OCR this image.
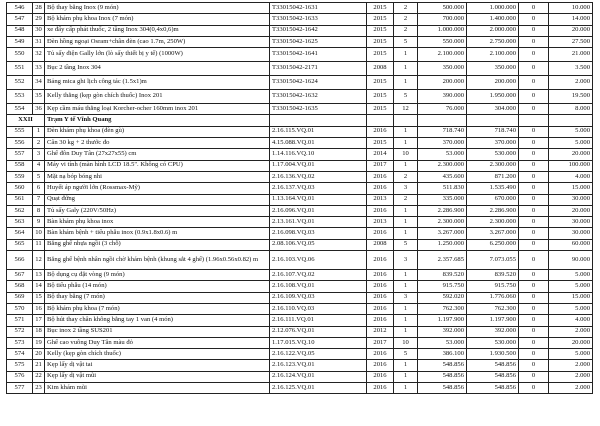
546	28	Bộ thay băng Inox (9 món)	T33015042-1631	2015	2	500.000	1.000.000	0	10.000
547	29	Bộ khám phụ khoa Inox (7 món)	T33015042-1633	2015	2	700.000	1.400.000	0	14.000
548	30	xe đẩy cấp phát thuốc, 2 tầng Inox 304(0,4x0,6)m	T33015042-1642	2015	2	1.000.000	2.000.000	0	20.000
549	31	Đèn hồng ngoại Osram+chân đèn (cao 1.7m, 250W)	T33015042-1625	2015	5	550.000	2.750.000	0	27.500
550	32	Tủ sấy điện Gally lớn (lò sấy thiết bị y tế) (1000W)	T33015042-1641	2015	1	2.100.000	2.100.000	0	21.000
551	33	Bục 2 tầng Inox 304	T33015042-2171	2008	1	350.000	350.000	0	3.500
552	34	Bảng mica ghi lịch công tác (1.5x1)m	T33015042-1624	2015	1	200.000	200.000	0	2.000
553	35	Kelly thẳng (kẹp gòn chích thuốc) Inox 201	T33015042-1632	2015	5	390.000	1.950.000	0	19.500
554	36	Kẹp cầm máu thẳng loại Korcher-ocher 160mm inox 201	T33015042-1635	2015	12	76.000	304.000	0	8.000
XXII		Trạm Y tế Vĩnh Quang							
555	1	Đèn khám phụ khoa (đèn gù)	2.16.115.VQ.01	2016	1	718.740	718.740	0	5.000
556	2	Cân 30 kg + 2 thước đo	4.15.088.VQ.01	2015	1	370.000	370.000	0	5.000
557	3	Ghế đôn Duy Tân (27x27x55) cm	1.14.116.VQ.10	2014	10	53.000	530.000	0	20.000
558	4	Máy vi tính (màn hình LCD 18.5". Không có CPU)	1.17.004.VQ.01	2017	1	2.300.000	2.300.000	0	100.000
559	5	Mặt nạ bóp bóng nhi	2.16.136.VQ.02	2016	2	435.600	871.200	0	4.000
560	6	Huyết áp người lớn (Rossmax-Mỹ)	2.16.137.VQ.03	2016	3	511.830	1.535.490	0	15.000
561	7	Quạt đứng	1.13.164.VQ.01	2013	2	335.000	670.000	0	30.000
562	8	Tủ sấy Galy (220V/50Hz)	2.16.096.VQ.01	2016	1	2.286.900	2.286.900	0	20.000
563	9	Bàn khám phụ khoa inox	2.13.161.VQ.01	2013	1	2.300.000	2.300.000	0	30.000
564	10	Bàn khám bệnh + tiểu phẫu inox (0.9x1.8x0.6) m	2.16.098.VQ.03	2016	1	3.267.000	3.267.000	0	30.000
565	11	Băng ghế nhựa ngồi (3 chỗ)	2.08.106.VQ.05	2008	5	1.250.000	6.250.000	0	60.000
566	12	Băng ghế bệnh nhân ngồi chờ khám bệnh (khung sắt 4 ghế) (1.96x0.56x0.82) m	2.16.103.VQ.06	2016	3	2.357.685	7.073.055	0	90.000
567	13	Bộ dụng cụ đặt vòng (9 món)	2.16.107.VQ.02	2016	1	839.520	839.520	0	5.000
568	14	Bộ tiểu phẫu (14 món)	2.16.108.VQ.01	2016	1	915.750	915.750	0	5.000
569	15	Bộ thay băng (7 món)	2.16.109.VQ.03	2016	3	592.020	1.776.060	0	15.000
570	16	Bộ khám phụ khoa (7 món)	2.16.110.VQ.03	2016	1	762.300	762.300	0	5.000
571	17	Bộ hút thay chân không bằng tay 1 van (4 món)	2.16.111.VQ.01	2016	1	1.197.900	1.197.900	0	4.000
572	18	Bục inox 2 tầng SUS201	2.12.076.VQ.01	2012	1	392.000	392.000	0	2.000
573	19	Ghế cao vuông Duy Tân màu đỏ	1.17.015.VQ.10	2017	10	53.000	530.000	0	20.000
574	20	Kelly (kẹp gòn chích thuốc)	2.16.122.VQ.05	2016	5	386.100	1.930.500	0	5.000
575	21	Kẹp lấy dị vật tai	2.16.123.VQ.01	2016	1	548.856	548.856	0	2.000
576	22	Kẹp lấy dị vật mũi	2.16.124.VQ.01	2016	1	548.856	548.856	0	2.000
577	23	Kim khám mũi	2.16.125.VQ.01	2016	1	548.856	548.856	0	2.000
